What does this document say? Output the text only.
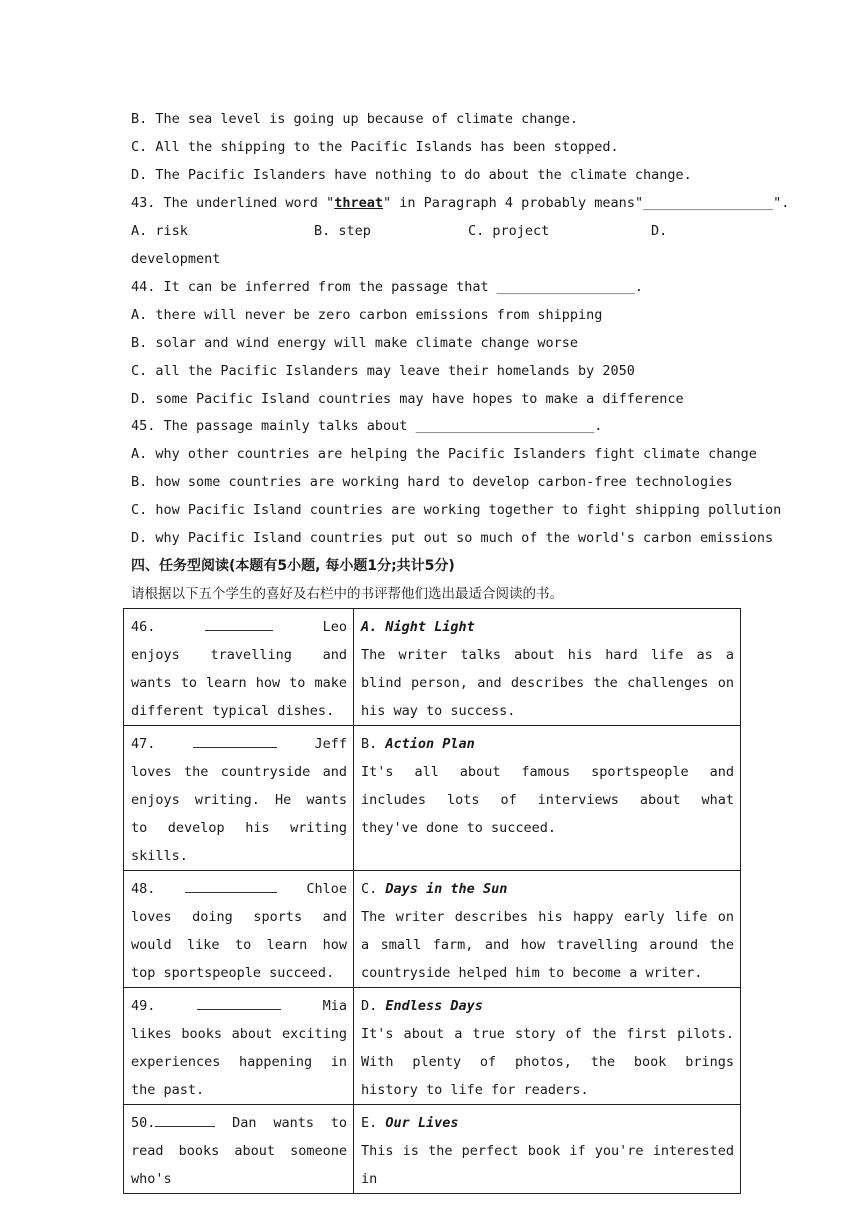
B. The sea level is going up because of climate change.
C. All the shipping to the Pacific Islands has been stopped.
D. The Pacific Islanders have nothing to do about the climate change.
43. The underlined word "threat" in Paragraph 4 probably means"________________".
A. risk	B. step	C. project	D.
development
44. It can be inferred from the passage that _________________.
A. there will never be zero carbon emissions from shipping
B. solar and wind energy will make climate change worse
C. all the Pacific Islanders may leave their homelands by 2050
D. some Pacific Island countries may have hopes to make a difference
45. The passage mainly talks about ______________________.
A. why other countries are helping the Pacific Islanders fight climate change
B. how some countries are working hard to develop carbon-free technologies
C. how Pacific Island countries are working together to fight shipping pollution
D. why Pacific Island countries put out so much of the world's carbon emissions
四、任务型阅读(本题有5小题, 每小题1分;共计5分)
请根据以下五个学生的喜好及右栏中的书评帮他们选出最适合阅读的书。
46. Leo enjoys travelling and wants to learn how to make different typical dishes.	A. Night Light
The writer talks about his hard life as a blind person, and describes the challenges on his way to success.
47. Jeff loves the countryside and enjoys writing. He wants to develop his writing skills.	B. Action Plan
It's all about famous sportspeople and includes lots of interviews about what they've done to succeed.
48. Chloe loves doing sports and would like to learn how top sportspeople succeed.	C. Days in the Sun
The writer describes his happy early life on a small farm, and how travelling around the countryside helped him to become a writer.
49. Mia likes books about exciting experiences happening in the past.	D. Endless Days
It's about a true story of the first pilots. With plenty of photos, the book brings history to life for readers.
50. Dan wants to read books about someone who's	E. Our Lives
This is the perfect book if you're interested in
